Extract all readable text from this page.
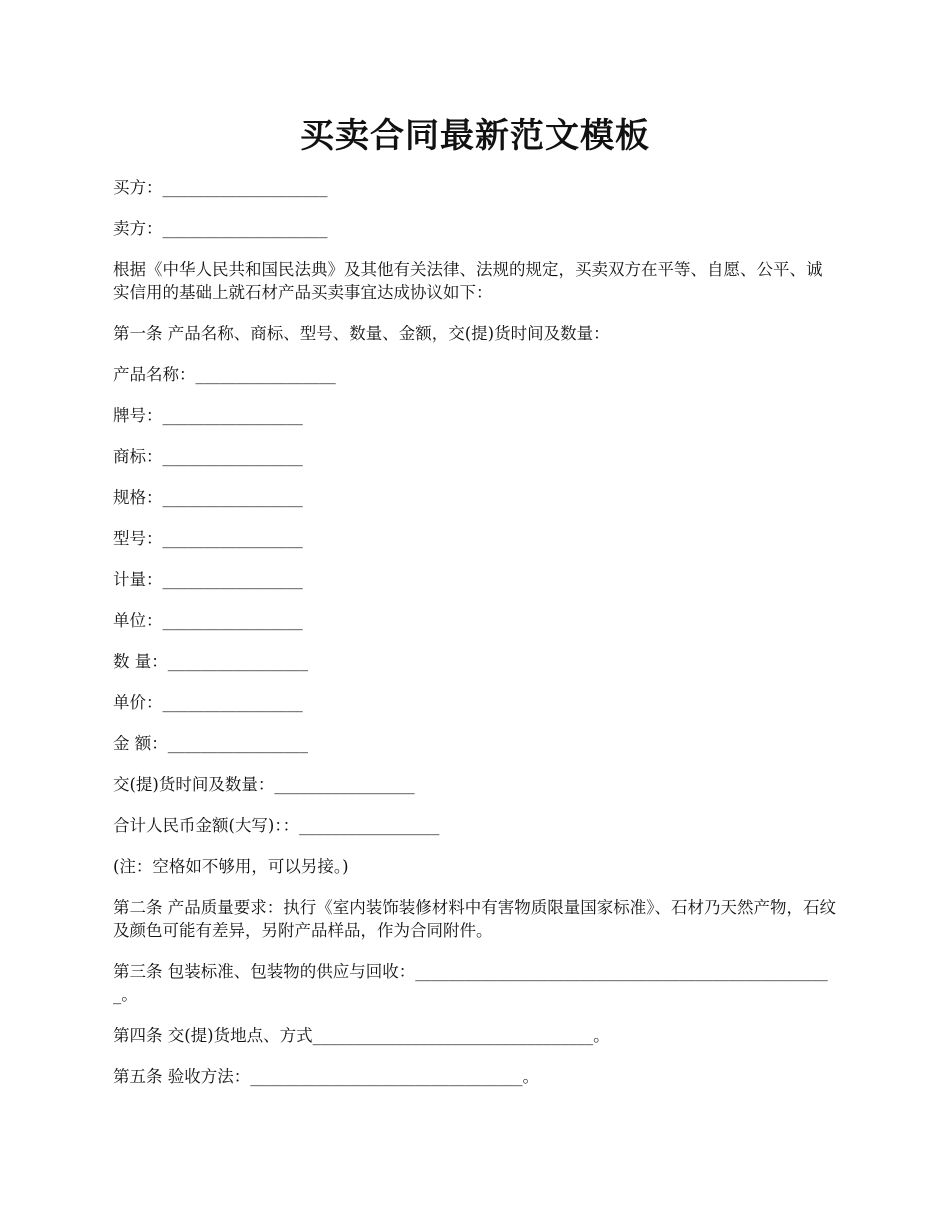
买卖合同最新范文模板

买方：____________________

卖方：____________________

根据《中华人民共和国民法典》及其他有关法律、法规的规定，买卖双方在平等、自愿、公平、诚实信用的基础上就石材产品买卖事宜达成协议如下：

第一条 产品名称、商标、型号、数量、金额，交(提)货时间及数量：

产品名称：_________________

牌号：_________________

商标：_________________

规格：_________________

型号：_________________

计量：_________________

单位：_________________

数 量：_________________

单价：_________________

金 额：_________________

交(提)货时间及数量：_________________

合计人民币金额(大写)：：_________________

(注：空格如不够用，可以另接。)

第二条 产品质量要求：执行《室内装饰装修材料中有害物质限量国家标准》、石材乃天然产物，石纹及颜色可能有差异，另附产品样品，作为合同附件。

第三条 包装标准、包装物的供应与回收：___________________________________________________。

第四条 交(提)货地点、方式__________________________________。

第五条 验收方法：_________________________________。
